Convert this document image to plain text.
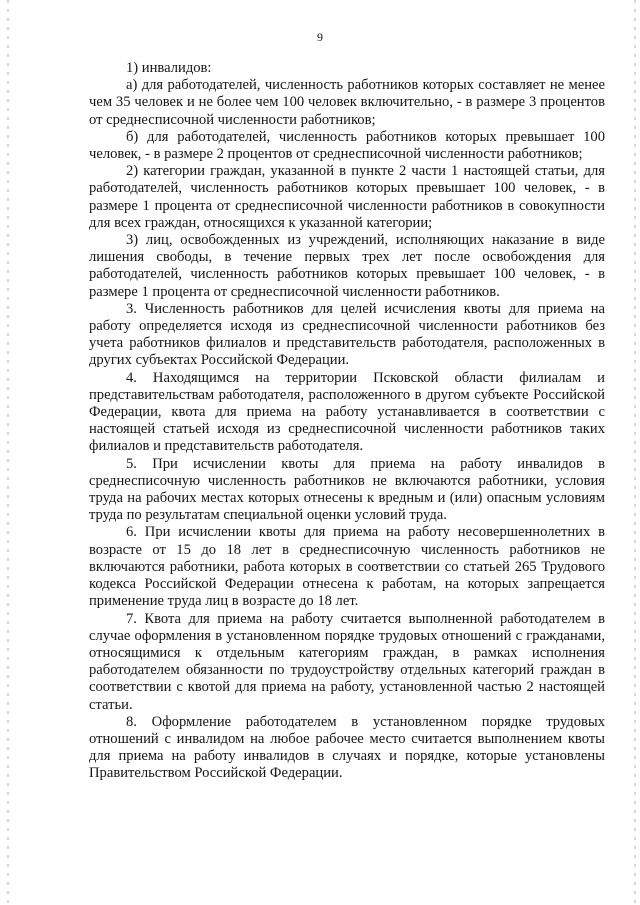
9

1) инвалидов:

а) для работодателей, численность работников которых составляет не менее чем 35 человек и не более чем 100 человек включительно, - в размере 3 процентов от среднесписочной численности работников;

б) для работодателей, численность работников которых превышает 100 человек, - в размере 2 процентов от среднесписочной численности работников;

2) категории граждан, указанной в пункте 2 части 1 настоящей статьи, для работодателей, численность работников которых превышает 100 человек, - в размере 1 процента от среднесписочной численности работников в совокупности для всех граждан, относящихся к указанной категории;

3) лиц, освобожденных из учреждений, исполняющих наказание в виде лишения свободы, в течение первых трех лет после освобождения для работодателей, численность работников которых превышает 100 человек, - в размере 1 процента от среднесписочной численности работников.

3. Численность работников для целей исчисления квоты для приема на работу определяется исходя из среднесписочной численности работников без учета работников филиалов и представительств работодателя, расположенных в других субъектах Российской Федерации.

4. Находящимся на территории Псковской области филиалам и представительствам работодателя, расположенного в другом субъекте Российской Федерации, квота для приема на работу устанавливается в соответствии с настоящей статьей исходя из среднесписочной численности работников таких филиалов и представительств работодателя.

5. При исчислении квоты для приема на работу инвалидов в среднесписочную численность работников не включаются работники, условия труда на рабочих местах которых отнесены к вредным и (или) опасным условиям труда по результатам специальной оценки условий труда.

6. При исчислении квоты для приема на работу несовершеннолетних в возрасте от 15 до 18 лет в среднесписочную численность работников не включаются работники, работа которых в соответствии со статьей 265 Трудового кодекса Российской Федерации отнесена к работам, на которых запрещается применение труда лиц в возрасте до 18 лет.

7. Квота для приема на работу считается выполненной работодателем в случае оформления в установленном порядке трудовых отношений с гражданами, относящимися к отдельным категориям граждан, в рамках исполнения работодателем обязанности по трудоустройству отдельных категорий граждан в соответствии с квотой для приема на работу, установленной частью 2 настоящей статьи.

8. Оформление работодателем в установленном порядке трудовых отношений с инвалидом на любое рабочее место считается выполнением квоты для приема на работу инвалидов в случаях и порядке, которые установлены Правительством Российской Федерации.
